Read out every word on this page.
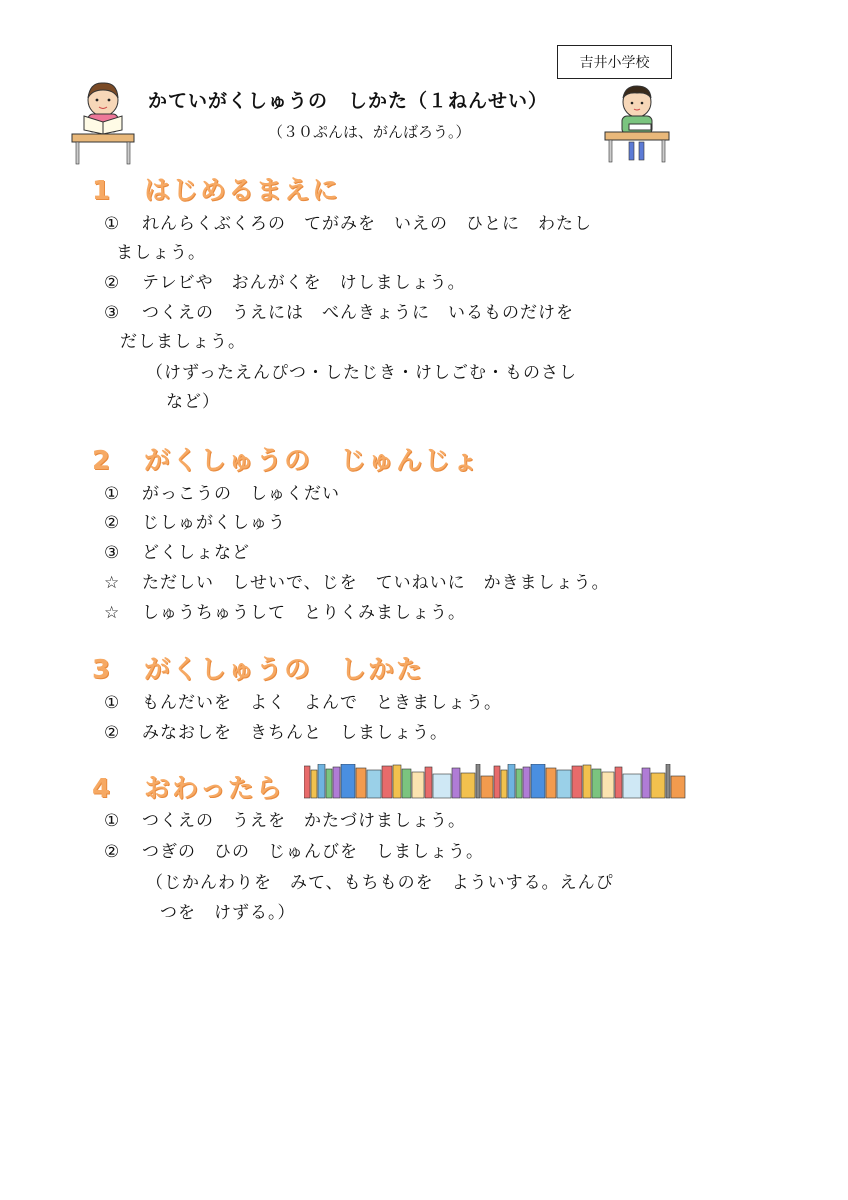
吉井小学校
かていがくしゅうの　しかた（１ねんせい）
（３０ぷんは、がんばろう。）
1 はじめるまえに
① れんらくぶくろの　てがみを　いえの　ひとに　わたし
ましょう。
② テレビや　おんがくを　けしましょう。
③ つくえの　うえには　べんきょうに　いるものだけを
だしましょう。
（けずったえんぴつ・したじき・けしごむ・ものさし
など）
2 がくしゅうの　じゅんじょ
① がっこうの　しゅくだい
② じしゅがくしゅう
③ どくしょなど
☆ ただしい　しせいで、じを　ていねいに　かきましょう。
☆ しゅうちゅうして　とりくみましょう。
3 がくしゅうの　しかた
① もんだいを　よく　よんで　ときましょう。
② みなおしを　きちんと　しましょう。
4 おわったら
① つくえの　うえを　かたづけましょう。
② つぎの　ひの　じゅんびを　しましょう。
（じかんわりを　みて、もちものを　よういする。えんぴ
つを　けずる。）
